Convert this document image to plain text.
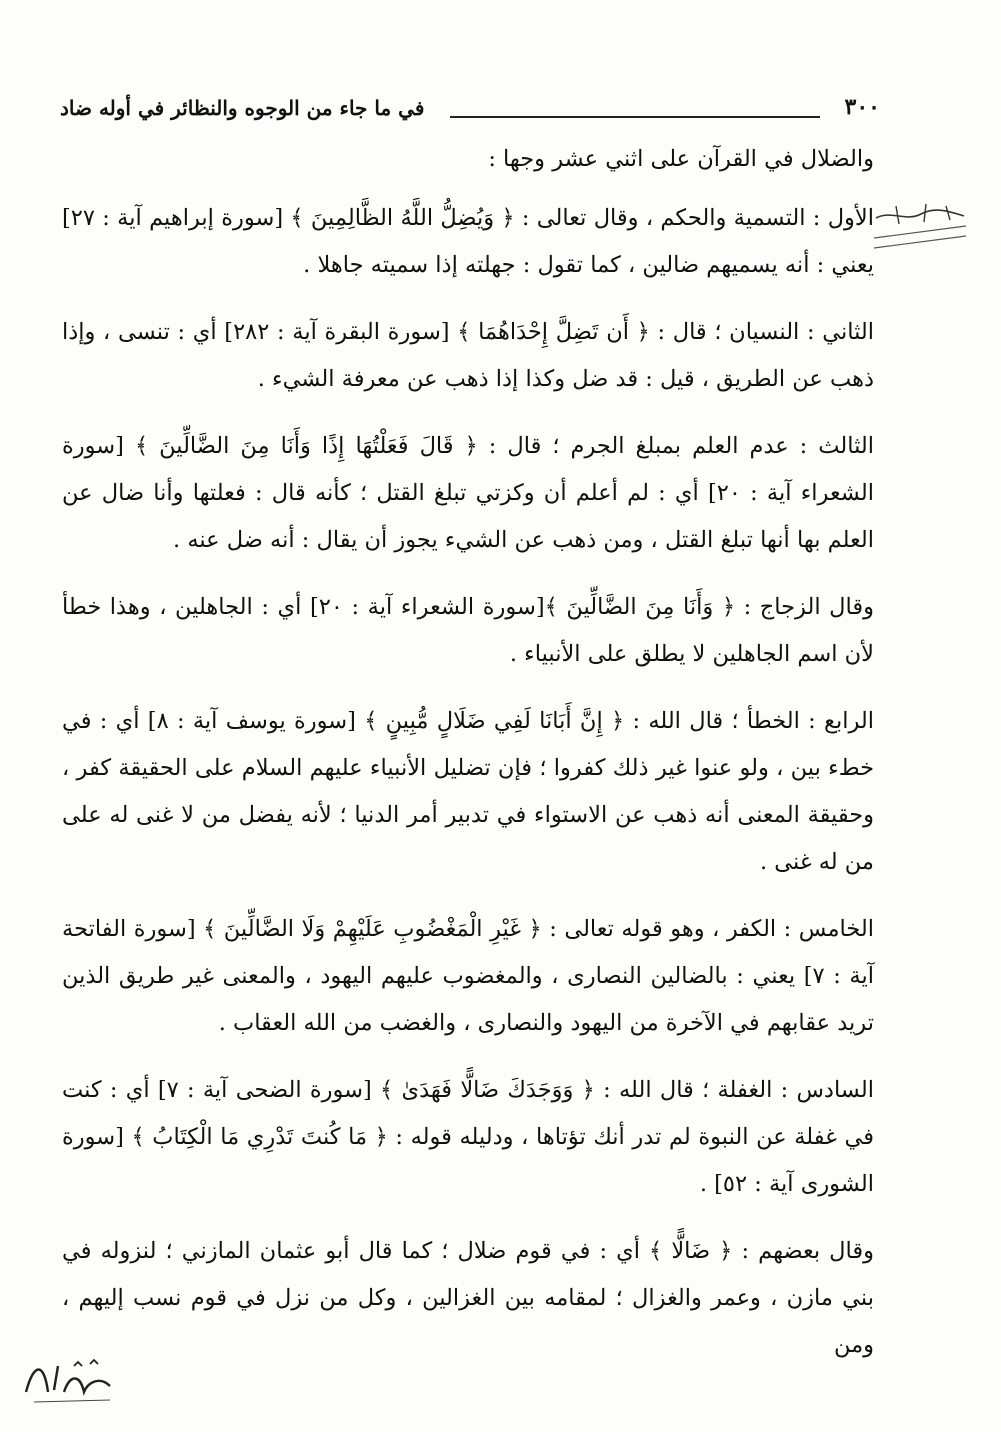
٣٠٠
في ما جاء من الوجوه والنظائر في أوله ضاد

والضلال في القرآن على اثني عشر وجها :

الأول : التسمية والحكم ، وقال تعالى : ﴿ وَيُضِلُّ اللَّهُ الظَّالِمِينَ ﴾ [سورة إبراهيم آية : ٢٧] يعني : أنه يسميهم ضالين ، كما تقول : جهلته إذا سميته جاهلا .

الثاني : النسيان ؛ قال : ﴿ أَن تَضِلَّ إِحْدَاهُمَا ﴾ [سورة البقرة آية : ٢٨٢] أي : تنسى ، وإذا ذهب عن الطريق ، قيل : قد ضل وكذا إذا ذهب عن معرفة الشيء .

الثالث : عدم العلم بمبلغ الجرم ؛ قال : ﴿ قَالَ فَعَلْتُهَا إِذًا وَأَنَا مِنَ الضَّالِّينَ ﴾ [سورة الشعراء آية : ٢٠] أي : لم أعلم أن وكزتي تبلغ القتل ؛ كأنه قال : فعلتها وأنا ضال عن العلم بها أنها تبلغ القتل ، ومن ذهب عن الشيء يجوز أن يقال : أنه ضل عنه .

وقال الزجاج : ﴿ وَأَنَا مِنَ الضَّالِّينَ ﴾[سورة الشعراء آية : ٢٠] أي : الجاهلين ، وهذا خطأ لأن اسم الجاهلين لا يطلق على الأنبياء .

الرابع : الخطأ ؛ قال الله : ﴿ إِنَّ أَبَانَا لَفِي ضَلَالٍ مُّبِينٍ ﴾ [سورة يوسف آية : ٨] أي : في خطء بين ، ولو عنوا غير ذلك كفروا ؛ فإن تضليل الأنبياء عليهم السلام على الحقيقة كفر ، وحقيقة المعنى أنه ذهب عن الاستواء في تدبير أمر الدنيا ؛ لأنه يفضل من لا غنى له على من له غنى .

الخامس : الكفر ، وهو قوله تعالى : ﴿ غَيْرِ الْمَغْضُوبِ عَلَيْهِمْ وَلَا الضَّالِّينَ ﴾ [سورة الفاتحة آية : ٧] يعني : بالضالين النصارى ، والمغضوب عليهم اليهود ، والمعنى غير طريق الذين تريد عقابهم في الآخرة من اليهود والنصارى ، والغضب من الله العقاب .

السادس : الغفلة ؛ قال الله : ﴿ وَوَجَدَكَ ضَالًّا فَهَدَىٰ ﴾ [سورة الضحى آية : ٧] أي : كنت في غفلة عن النبوة لم تدر أنك تؤتاها ، ودليله قوله : ﴿ مَا كُنتَ تَدْرِي مَا الْكِتَابُ ﴾ [سورة الشورى آية : ٥٢] .

وقال بعضهم : ﴿ ضَالًّا ﴾ أي : في قوم ضلال ؛ كما قال أبو عثمان المازني ؛ لنزوله في بني مازن ، وعمر والغزال ؛ لمقامه بين الغزالين ، وكل من نزل في قوم نسب إليهم ، ومن
